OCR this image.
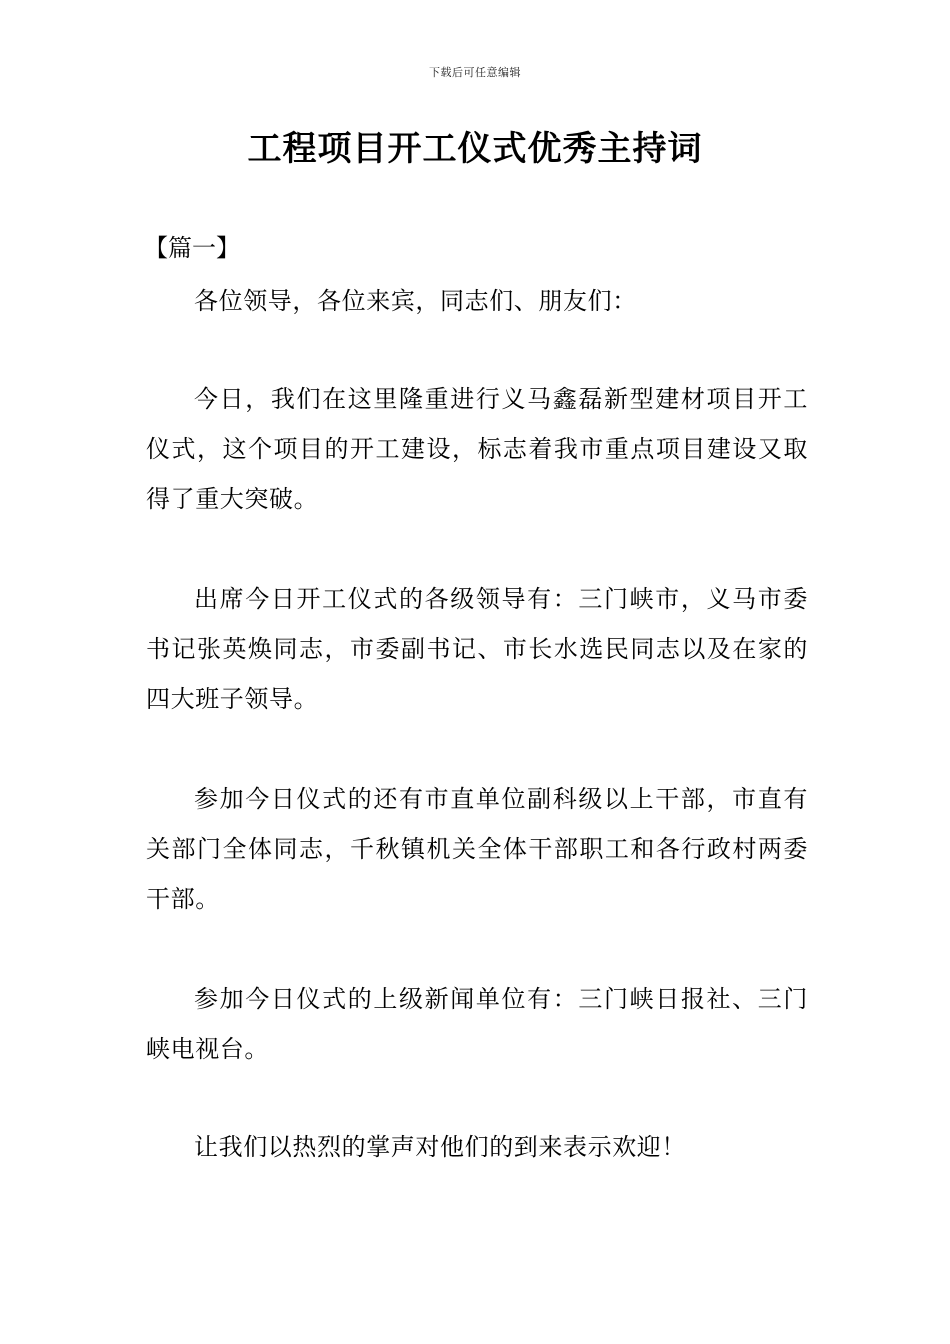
下载后可任意编辑
工程项目开工仪式优秀主持词

【篇一】

各位领导，各位来宾，同志们、朋友们：

今日，我们在这里隆重进行义马鑫磊新型建材项目开工仪式，这个项目的开工建设，标志着我市重点项目建设又取得了重大突破。

出席今日开工仪式的各级领导有：三门峡市，义马市委书记张英焕同志，市委副书记、市长水选民同志以及在家的四大班子领导。

参加今日仪式的还有市直单位副科级以上干部，市直有关部门全体同志，千秋镇机关全体干部职工和各行政村两委干部。

参加今日仪式的上级新闻单位有：三门峡日报社、三门峡电视台。

让我们以热烈的掌声对他们的到来表示欢迎！
